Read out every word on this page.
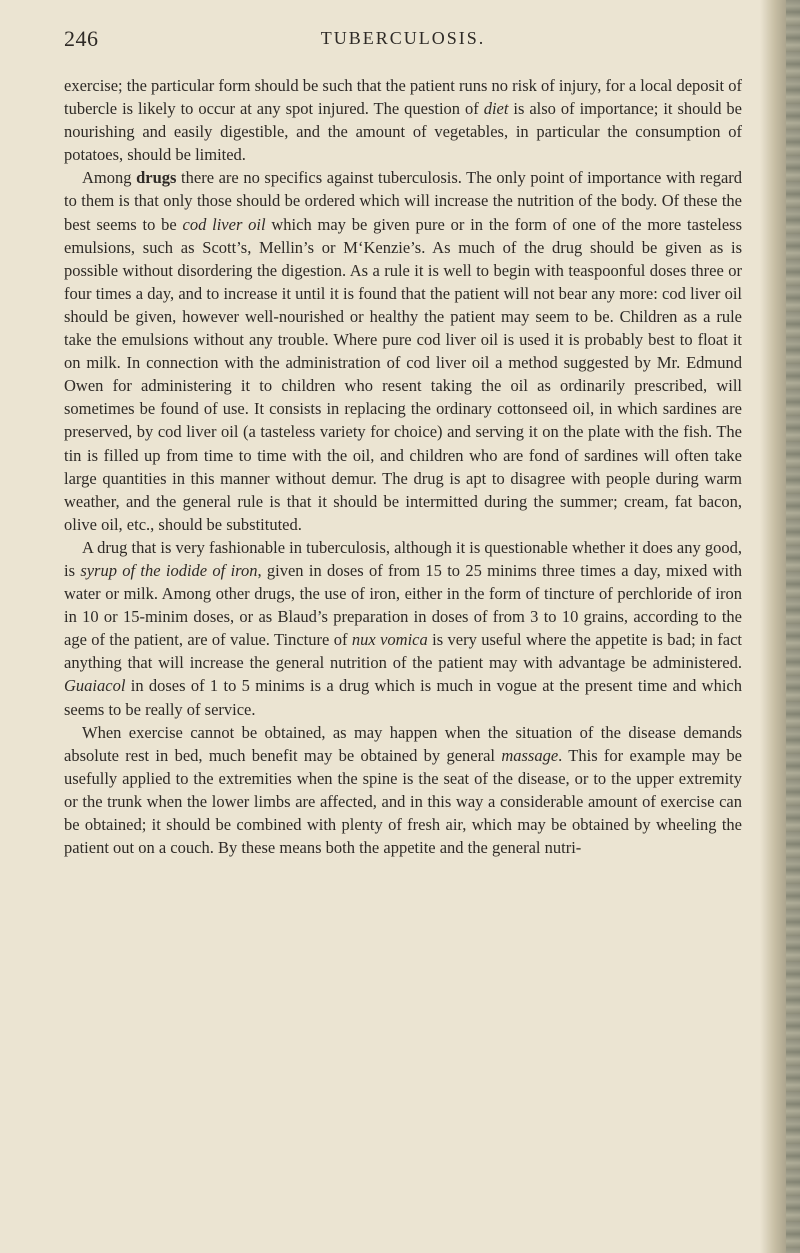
246	TUBERCULOSIS.

exercise; the particular form should be such that the patient runs no risk of injury, for a local deposit of tubercle is likely to occur at any spot injured. The question of diet is also of importance; it should be nourishing and easily digestible, and the amount of vegetables, in particular the consumption of potatoes, should be limited.

Among drugs there are no specifics against tuberculosis. The only point of importance with regard to them is that only those should be ordered which will increase the nutrition of the body. Of these the best seems to be cod liver oil which may be given pure or in the form of one of the more tasteless emulsions, such as Scott’s, Mellin’s or M‘Kenzie’s. As much of the drug should be given as is possible without disordering the digestion. As a rule it is well to begin with teaspoonful doses three or four times a day, and to increase it until it is found that the patient will not bear any more: cod liver oil should be given, however well-nourished or healthy the patient may seem to be. Children as a rule take the emulsions without any trouble. Where pure cod liver oil is used it is probably best to float it on milk. In connection with the administration of cod liver oil a method suggested by Mr. Edmund Owen for administering it to children who resent taking the oil as ordinarily prescribed, will sometimes be found of use. It consists in replacing the ordinary cottonseed oil, in which sardines are preserved, by cod liver oil (a tasteless variety for choice) and serving it on the plate with the fish. The tin is filled up from time to time with the oil, and children who are fond of sardines will often take large quantities in this manner without demur. The drug is apt to disagree with people during warm weather, and the general rule is that it should be intermitted during the summer; cream, fat bacon, olive oil, etc., should be substituted.

A drug that is very fashionable in tuberculosis, although it is questionable whether it does any good, is syrup of the iodide of iron, given in doses of from 15 to 25 minims three times a day, mixed with water or milk. Among other drugs, the use of iron, either in the form of tincture of perchloride of iron in 10 or 15-minim doses, or as Blaud’s preparation in doses of from 3 to 10 grains, according to the age of the patient, are of value. Tincture of nux vomica is very useful where the appetite is bad; in fact anything that will increase the general nutrition of the patient may with advantage be administered. Guaiacol in doses of 1 to 5 minims is a drug which is much in vogue at the present time and which seems to be really of service.

When exercise cannot be obtained, as may happen when the situation of the disease demands absolute rest in bed, much benefit may be obtained by general massage. This for example may be usefully applied to the extremities when the spine is the seat of the disease, or to the upper extremity or the trunk when the lower limbs are affected, and in this way a considerable amount of exercise can be obtained; it should be combined with plenty of fresh air, which may be obtained by wheeling the patient out on a couch. By these means both the appetite and the general nutri-
